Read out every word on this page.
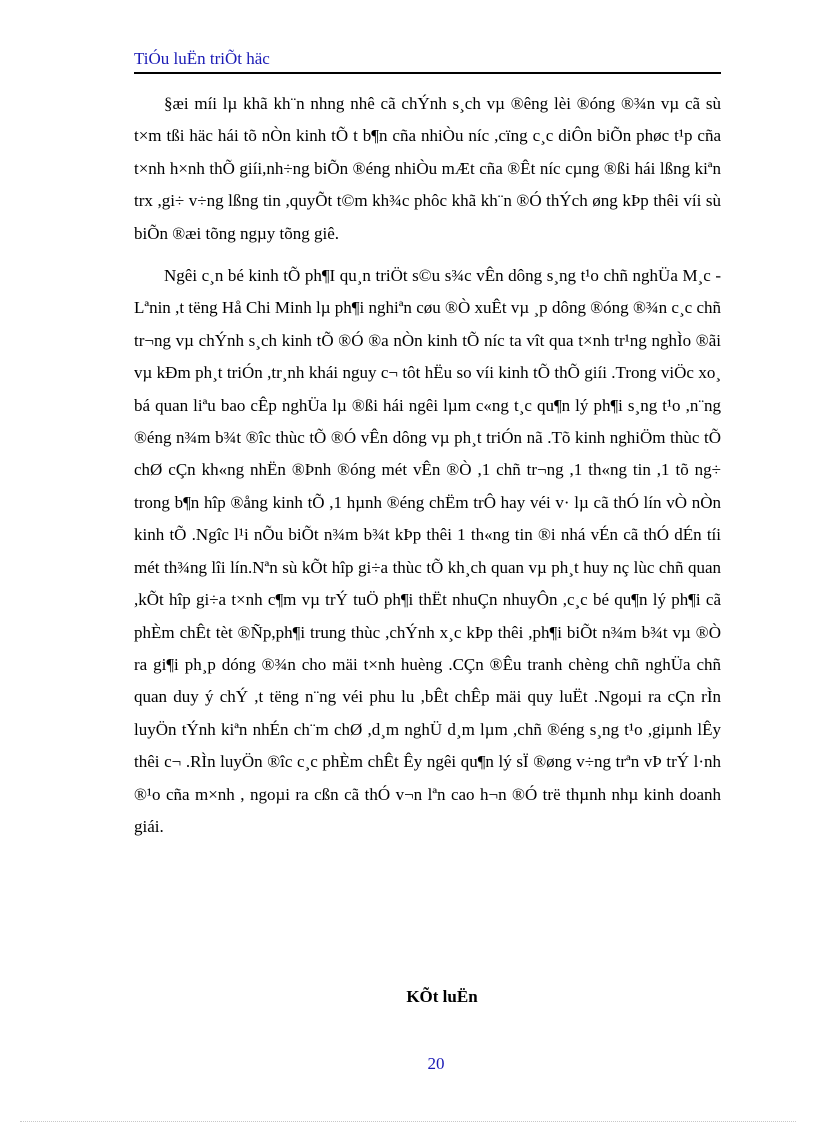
TiÓu luËn triÕt häc

§æi míi lµ khã kh¨n nhng nhê cã chÝnh s¸ch vµ ®êng lèi ®óng ®¾n vµ cã sù t×m tßi häc hái tõ nÒn kinh tÕ t b¶n cña nhiÒu níc ,cïng c¸c diÔn biÕn phøc t¹p cña t×nh h×nh thÕ giíi,nh÷ng biÕn ®éng nhiÒu mÆt cña ®Êt níc cµng ®ßi hái lßng kiªn trx ,gi÷ v÷ng lßng tin ,quyÕt t©m kh¾c phôc khã kh¨n ®Ó thÝch øng kÞp thêi víi sù biÕn ®æi tõng ngµy tõng giê.

Ngêi c¸n bé kinh tÕ ph¶I qu¸n triÖt s©u s¾c vÊn dông s¸ng t¹o chñ nghÜa M¸c -Lªnin ,t tëng Hå Chi Minh lµ ph¶i nghiªn cøu ®Ò xuÊt vµ ¸p dông ®óng ®¾n c¸c chñ tr¬ng vµ chÝnh s¸ch kinh tÕ ®Ó ®a nÒn kinh tÕ níc ta vît qua t×nh tr¹ng nghÌo ®ãi vµ kÐm ph¸t triÓn ,tr¸nh khái nguy c¬ tôt hËu so víi kinh tÕ thÕ giíi .Trong viÖc xo¸ bá quan liªu bao cÊp nghÜa lµ ®ßi hái ngêi lµm c«ng t¸c qu¶n lý ph¶i s¸ng t¹o ,n¨ng ®éng n¾m b¾t ®îc thùc tÕ ®Ó vÊn dông vµ ph¸t triÓn nã .Tõ kinh nghiÖm thùc tÕ chØ cÇn kh«ng nhËn ®Þnh ®óng mét vÊn ®Ò ,1 chñ tr¬ng ,1 th«ng tin ,1 tõ ng÷ trong b¶n hîp ®ång kinh tÕ ,1 hµnh ®éng chËm trÔ hay véi v· lµ cã thÓ lín vÒ nÒn kinh tÕ .Ngîc l¹i nÕu biÕt n¾m b¾t kÞp thêi 1 th«ng tin ®i nhá vÉn cã thÓ dÉn tíi mét th¾ng lîi lín.Nªn sù kÕt hîp gi÷a thùc tÕ kh¸ch quan vµ ph¸t huy nç lùc chñ quan ,kÕt hîp gi÷a t×nh c¶m vµ trÝ tuÖ ph¶i thËt nhuÇn nhuyÔn ,c¸c bé qu¶n lý ph¶i cã phÈm chÊt tèt ®Ñp,ph¶i trung thùc ,chÝnh x¸c kÞp thêi ,ph¶i biÕt n¾m b¾t vµ ®Ò ra gi¶i ph¸p dóng ®¾n cho mäi t×nh huèng .CÇn ®Êu tranh chèng chñ nghÜa chñ quan duy ý chÝ ,t tëng n¨ng véi phu lu ,bÊt chÊp mäi quy luËt .Ngoµi ra cÇn rÌn luyÖn tÝnh kiªn nhÉn ch¨m chØ ,d¸m nghÜ d¸m lµm ,chñ ®éng s¸ng t¹o ,giµnh lÊy thêi c¬ .RÌn luyÖn ®îc c¸c phÈm chÊt Êy ngêi qu¶n lý sÏ ®øng v÷ng trªn vÞ trÝ l·nh ®¹o cña m×nh , ngoµi ra cßn cã thÓ v¬n lªn cao h¬n ®Ó trë thµnh nhµ kinh doanh giái.

KÕt luËn
20
